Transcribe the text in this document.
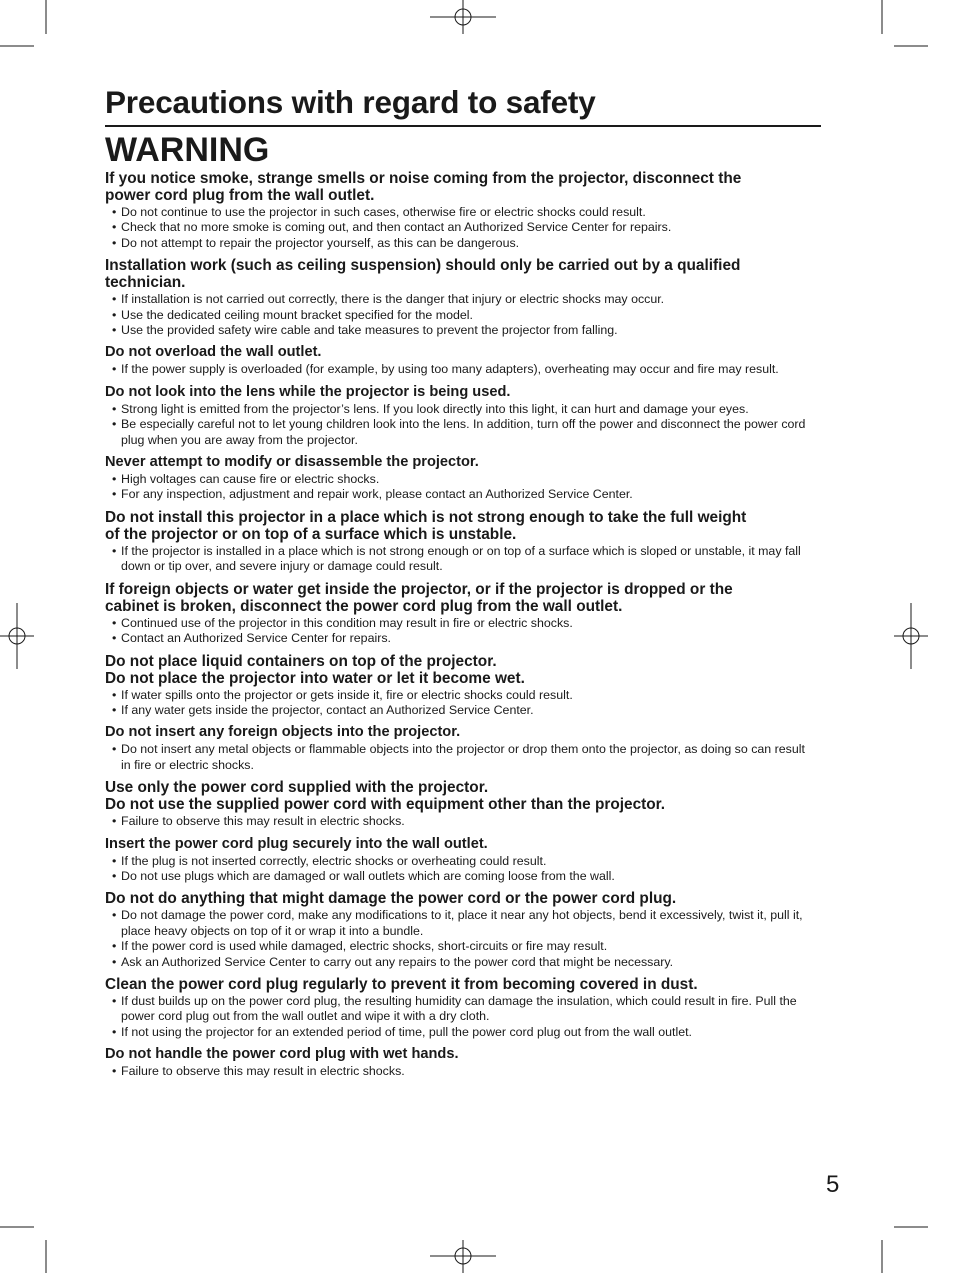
Precautions with regard to safety
WARNING
If you notice smoke, strange smells or noise coming from the projector, disconnect the
power cord plug from the wall outlet.
• Do not continue to use the projector in such cases, otherwise fire or electric shocks could result.
• Check that no more smoke is coming out, and then contact an Authorized Service Center for repairs.
• Do not attempt to repair the projector yourself, as this can be dangerous.
Installation work (such as ceiling suspension) should only be carried out by a qualified
technician.
• If installation is not carried out correctly, there is the danger that injury or electric shocks may occur.
• Use the dedicated ceiling mount bracket specified for the model.
• Use the provided safety wire cable and take measures to prevent the projector from falling.
Do not overload the wall outlet.
• If the power supply is overloaded (for example, by using too many adapters), overheating may occur and fire may result.
Do not look into the lens while the projector is being used.
• Strong light is emitted from the projector’s lens. If you look directly into this light, it can hurt and damage your eyes.
• Be especially careful not to let young children look into the lens. In addition, turn off the power and disconnect the power cord plug when you are away from the projector.
Never attempt to modify or disassemble the projector.
• High voltages can cause fire or electric shocks.
• For any inspection, adjustment and repair work, please contact an Authorized Service Center.
Do not install this projector in a place which is not strong enough to take the full weight
of the projector or on top of a surface which is unstable.
• If the projector is installed in a place which is not strong enough or on top of a surface which is sloped or unstable, it may fall down or tip over, and severe injury or damage could result.
If foreign objects or water get inside the projector, or if the projector is dropped or the
cabinet is broken, disconnect the power cord plug from the wall outlet.
• Continued use of the projector in this condition may result in fire or electric shocks.
• Contact an Authorized Service Center for repairs.
Do not place liquid containers on top of the projector.
Do not place the projector into water or let it become wet.
• If water spills onto the projector or gets inside it, fire or electric shocks could result.
• If any water gets inside the projector, contact an Authorized Service Center.
Do not insert any foreign objects into the projector.
• Do not insert any metal objects or flammable objects into the projector or drop them onto the projector, as doing so can result in fire or electric shocks.
Use only the power cord supplied with the projector.
Do not use the supplied power cord with equipment other than the projector.
• Failure to observe this may result in electric shocks.
Insert the power cord plug securely into the wall outlet.
• If the plug is not inserted correctly, electric shocks or overheating could result.
• Do not use plugs which are damaged or wall outlets which are coming loose from the wall.
Do not do anything that might damage the power cord or the power cord plug.
• Do not damage the power cord, make any modifications to it, place it near any hot objects, bend it excessively, twist it, pull it, place heavy objects on top of it or wrap it into a bundle.
• If the power cord is used while damaged, electric shocks, short-circuits or fire may result.
• Ask an Authorized Service Center to carry out any repairs to the power cord that might be necessary.
Clean the power cord plug regularly to prevent it from becoming covered in dust.
• If dust builds up on the power cord plug, the resulting humidity can damage the insulation, which could result in fire. Pull the power cord plug out from the wall outlet and wipe it with a dry cloth.
• If not using the projector for an extended period of time, pull the power cord plug out from the wall outlet.
Do not handle the power cord plug with wet hands.
• Failure to observe this may result in electric shocks.

5
